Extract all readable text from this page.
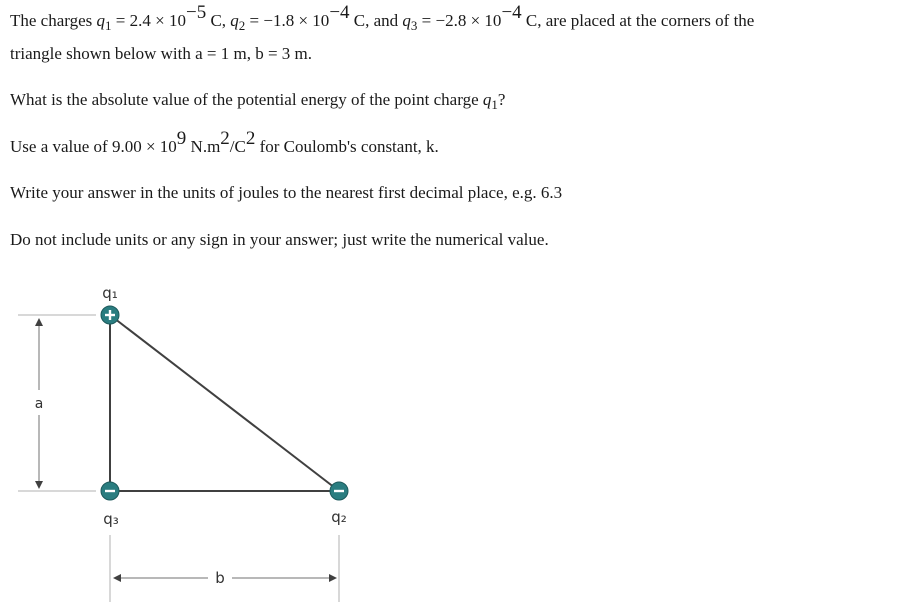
The charges $q_1 = 2.4 \times 10^{-5}$ C, $q_2 = -1.8 \times 10^{-4}$ C, and $q_3 = -2.8 \times 10^{-4}$ C, are placed at the corners of the
triangle shown below with a = 1 m, b = 3 m.
What is the absolute value of the potential energy of the point charge $q_1$?
Use a value of $9.00 \times 10^9$ $N.m^2/C^2$ for Coulomb's constant, k.
Write your answer in the units of joules to the nearest first decimal place, e.g. 6.3
Do not include units or any sign in your answer; just write the numerical value.
a
b
q₁
q₃	q₂
